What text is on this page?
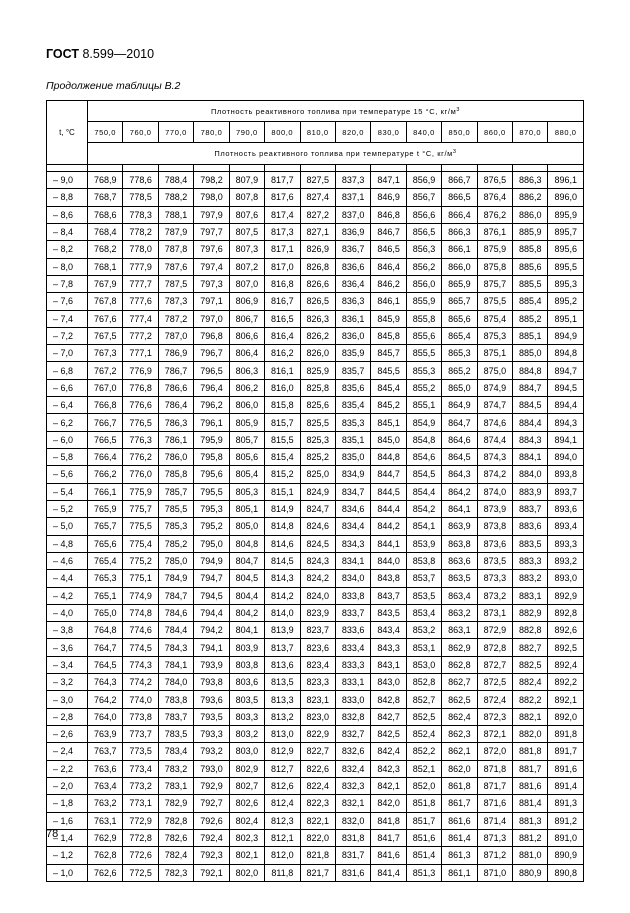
ГОСТ 8.599—2010
Продолжение таблицы В.2
t, °С	Плотность реактивного топлива при температуре 15 °С, $кг/м^3$
	750,0	760,0	770,0	780,0	790,0	800,0	810,0	820,0	830,0	840,0	850,0	860,0	870,0	880,0
	Плотность реактивного топлива при температуре t °С, $кг/м^3$

– 9,0	768,9	778,6	788,4	798,2	807,9	817,7	827,5	837,3	847,1	856,9	866,7	876,5	886,3	896,1
– 8,8	768,7	778,5	788,2	798,0	807,8	817,6	827,4	837,1	846,9	856,7	866,5	876,4	886,2	896,0
– 8,6	768,6	778,3	788,1	797,9	807,6	817,4	827,2	837,0	846,8	856,6	866,4	876,2	886,0	895,9
– 8,4	768,4	778,2	787,9	797,7	807,5	817,3	827,1	836,9	846,7	856,5	866,3	876,1	885,9	895,7
– 8,2	768,2	778,0	787,8	797,6	807,3	817,1	826,9	836,7	846,5	856,3	866,1	875,9	885,8	895,6
– 8,0	768,1	777,9	787,6	797,4	807,2	817,0	826,8	836,6	846,4	856,2	866,0	875,8	885,6	895,5
– 7,8	767,9	777,7	787,5	797,3	807,0	816,8	826,6	836,4	846,2	856,0	865,9	875,7	885,5	895,3
– 7,6	767,8	777,6	787,3	797,1	806,9	816,7	826,5	836,3	846,1	855,9	865,7	875,5	885,4	895,2
– 7,4	767,6	777,4	787,2	797,0	806,7	816,5	826,3	836,1	845,9	855,8	865,6	875,4	885,2	895,1
– 7,2	767,5	777,2	787,0	796,8	806,6	816,4	826,2	836,0	845,8	855,6	865,4	875,3	885,1	894,9
– 7,0	767,3	777,1	786,9	796,7	806,4	816,2	826,0	835,9	845,7	855,5	865,3	875,1	885,0	894,8
– 6,8	767,2	776,9	786,7	796,5	806,3	816,1	825,9	835,7	845,5	855,3	865,2	875,0	884,8	894,7
– 6,6	767,0	776,8	786,6	796,4	806,2	816,0	825,8	835,6	845,4	855,2	865,0	874,9	884,7	894,5
– 6,4	766,8	776,6	786,4	796,2	806,0	815,8	825,6	835,4	845,2	855,1	864,9	874,7	884,5	894,4
– 6,2	766,7	776,5	786,3	796,1	805,9	815,7	825,5	835,3	845,1	854,9	864,7	874,6	884,4	894,3
– 6,0	766,5	776,3	786,1	795,9	805,7	815,5	825,3	835,1	845,0	854,8	864,6	874,4	884,3	894,1
– 5,8	766,4	776,2	786,0	795,8	805,6	815,4	825,2	835,0	844,8	854,6	864,5	874,3	884,1	894,0
– 5,6	766,2	776,0	785,8	795,6	805,4	815,2	825,0	834,9	844,7	854,5	864,3	874,2	884,0	893,8
– 5,4	766,1	775,9	785,7	795,5	805,3	815,1	824,9	834,7	844,5	854,4	864,2	874,0	883,9	893,7
– 5,2	765,9	775,7	785,5	795,3	805,1	814,9	824,7	834,6	844,4	854,2	864,1	873,9	883,7	893,6
– 5,0	765,7	775,5	785,3	795,2	805,0	814,8	824,6	834,4	844,2	854,1	863,9	873,8	883,6	893,4
– 4,8	765,6	775,4	785,2	795,0	804,8	814,6	824,5	834,3	844,1	853,9	863,8	873,6	883,5	893,3
– 4,6	765,4	775,2	785,0	794,9	804,7	814,5	824,3	834,1	844,0	853,8	863,6	873,5	883,3	893,2
– 4,4	765,3	775,1	784,9	794,7	804,5	814,3	824,2	834,0	843,8	853,7	863,5	873,3	883,2	893,0
– 4,2	765,1	774,9	784,7	794,5	804,4	814,2	824,0	833,8	843,7	853,5	863,4	873,2	883,1	892,9
– 4,0	765,0	774,8	784,6	794,4	804,2	814,0	823,9	833,7	843,5	853,4	863,2	873,1	882,9	892,8
– 3,8	764,8	774,6	784,4	794,2	804,1	813,9	823,7	833,6	843,4	853,2	863,1	872,9	882,8	892,6
– 3,6	764,7	774,5	784,3	794,1	803,9	813,7	823,6	833,4	843,3	853,1	862,9	872,8	882,7	892,5
– 3,4	764,5	774,3	784,1	793,9	803,8	813,6	823,4	833,3	843,1	853,0	862,8	872,7	882,5	892,4
– 3,2	764,3	774,2	784,0	793,8	803,6	813,5	823,3	833,1	843,0	852,8	862,7	872,5	882,4	892,2
– 3,0	764,2	774,0	783,8	793,6	803,5	813,3	823,1	833,0	842,8	852,7	862,5	872,4	882,2	892,1
– 2,8	764,0	773,8	783,7	793,5	803,3	813,2	823,0	832,8	842,7	852,5	862,4	872,3	882,1	892,0
– 2,6	763,9	773,7	783,5	793,3	803,2	813,0	822,9	832,7	842,5	852,4	862,3	872,1	882,0	891,8
– 2,4	763,7	773,5	783,4	793,2	803,0	812,9	822,7	832,6	842,4	852,2	862,1	872,0	881,8	891,7
– 2,2	763,6	773,4	783,2	793,0	802,9	812,7	822,6	832,4	842,3	852,1	862,0	871,8	881,7	891,6
– 2,0	763,4	773,2	783,1	792,9	802,7	812,6	822,4	832,3	842,1	852,0	861,8	871,7	881,6	891,4
– 1,8	763,2	773,1	782,9	792,7	802,6	812,4	822,3	832,1	842,0	851,8	861,7	871,6	881,4	891,3
– 1,6	763,1	772,9	782,8	792,6	802,4	812,3	822,1	832,0	841,8	851,7	861,6	871,4	881,3	891,2
– 1,4	762,9	772,8	782,6	792,4	802,3	812,1	822,0	831,8	841,7	851,6	861,4	871,3	881,2	891,0
– 1,2	762,8	772,6	782,4	792,3	802,1	812,0	821,8	831,7	841,6	851,4	861,3	871,2	881,0	890,9
– 1,0	762,6	772,5	782,3	792,1	802,0	811,8	821,7	831,6	841,4	851,3	861,1	871,0	880,9	890,8
78
